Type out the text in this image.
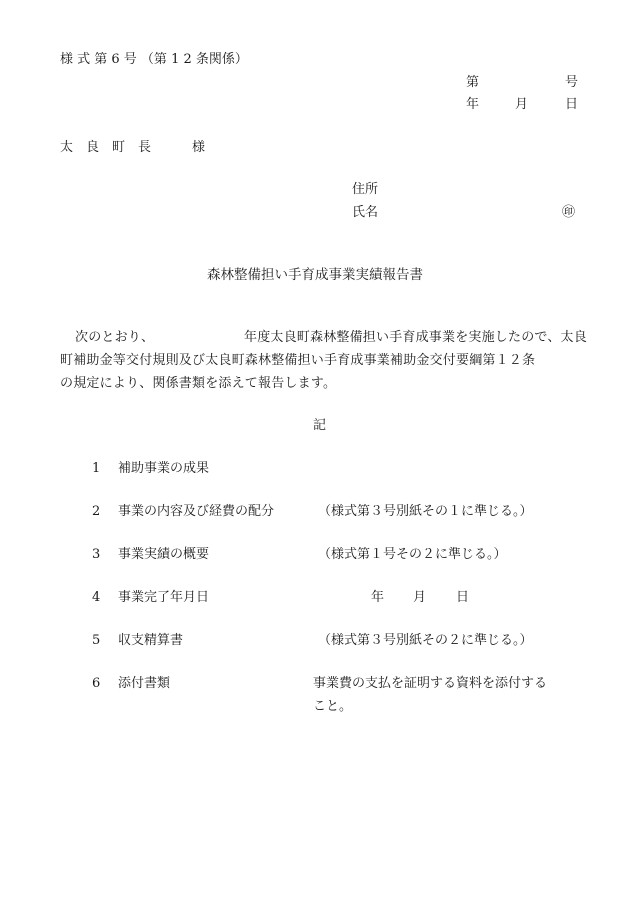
様 式 第 6 号 （第 1 2 条関係）
第	号
年	月	日
太　良　町　長	様
住所
氏名	㊞
森林整備担い手育成事業実績報告書
次のとおり、	年度太良町森林整備担い手育成事業を実施したので、太良
町補助金等交付規則及び太良町森林整備担い手育成事業補助金交付要綱第１２条
の規定により、関係書類を添えて報告します。
記
1 補助事業の成果
2 事業の内容及び経費の配分	（様式第３号別紙その１に準じる。）
3 事業実績の概要	（様式第１号その２に準じる。）
4 事業完了年月日	年 月 日
5 収支精算書	（様式第３号別紙その２に準じる。）
6 添付書類	事業費の支払を証明する資料を添付する
こと。
